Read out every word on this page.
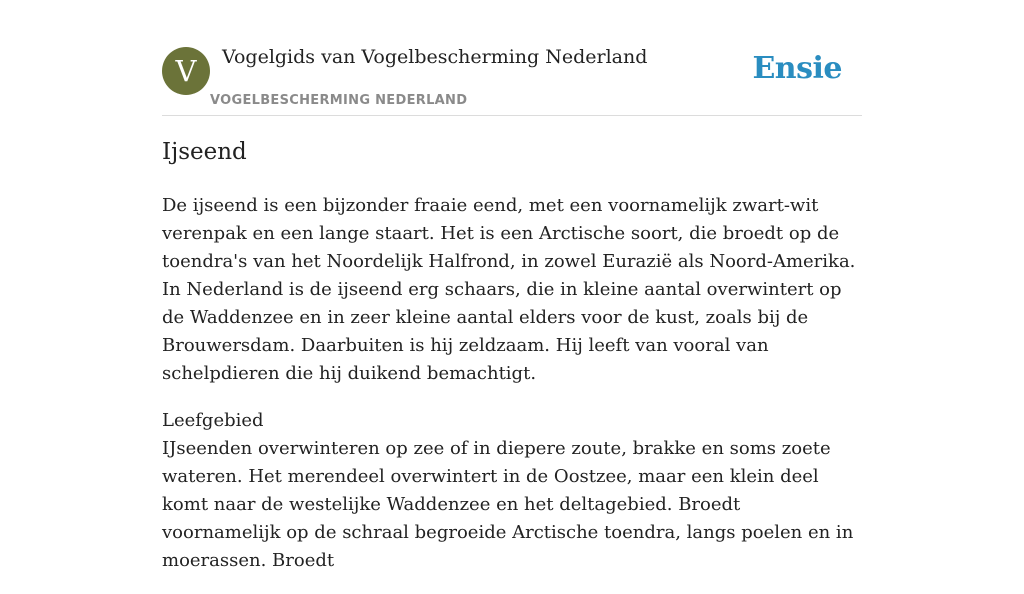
V	Vogelgids van Vogelbescherming Nederland
VOGELBESCHERMING NEDERLAND
Ensie
Ijseend

De ijseend is een bijzonder fraaie eend, met een voornamelijk zwart-wit verenpak en een lange staart. Het is een Arctische soort, die broedt op de toendra's van het Noordelijk Halfrond, in zowel Eurazië als Noord-Amerika. In Nederland is de ijseend erg schaars, die in kleine aantal overwintert op de Waddenzee en in zeer kleine aantal elders voor de kust, zoals bij de Brouwersdam. Daarbuiten is hij zeldzaam. Hij leeft van vooral van schelpdieren die hij duikend bemachtigt.

Leefgebied

IJseenden overwinteren op zee of in diepere zoute, brakke en soms zoete wateren. Het merendeel overwintert in de Oostzee, maar een klein deel komt naar de westelijke Waddenzee en het deltagebied. Broedt voornamelijk op de schraal begroeide Arctische toendra, langs poelen en in moerassen. Broedt
